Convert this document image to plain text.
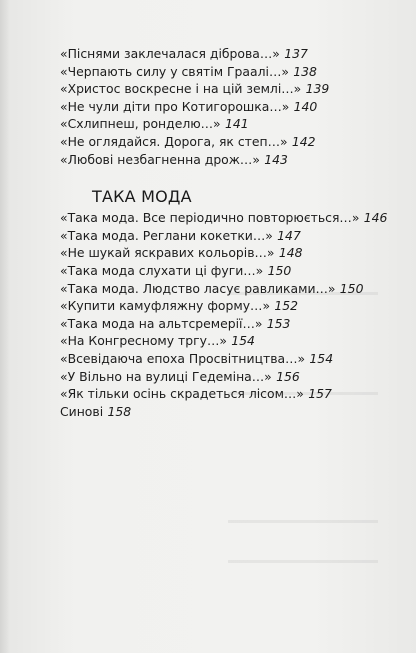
«Піснями заклечалася діброва…» 137
«Черпають силу у святім Граалі…» 138
«Христос воскресне і на цій землі…» 139
«Не чули діти про Котигорошка…» 140
«Схлипнеш, ронделю…» 141
«Не оглядайся. Дорога, як степ…» 142
«Любові незбагненна дрож…» 143
ТАКА МОДА
«Така мода. Все періодично повторюється…» 146
«Така мода. Реглани кокетки…» 147
«Не шукай яскравих кольорів…» 148
«Така мода слухати ці фуги…» 150
«Така мода. Людство ласує равликами…» 150
«Купити камуфляжну форму…» 152
«Така мода на альтсремерії…» 153
«На Конгресному тргу…» 154
«Всевідаюча епоха Просвітництва…» 154
«У Вільно на вулиці Гедеміна…» 156
«Як тільки осінь скрадеться лісом…» 157
Синові 158
